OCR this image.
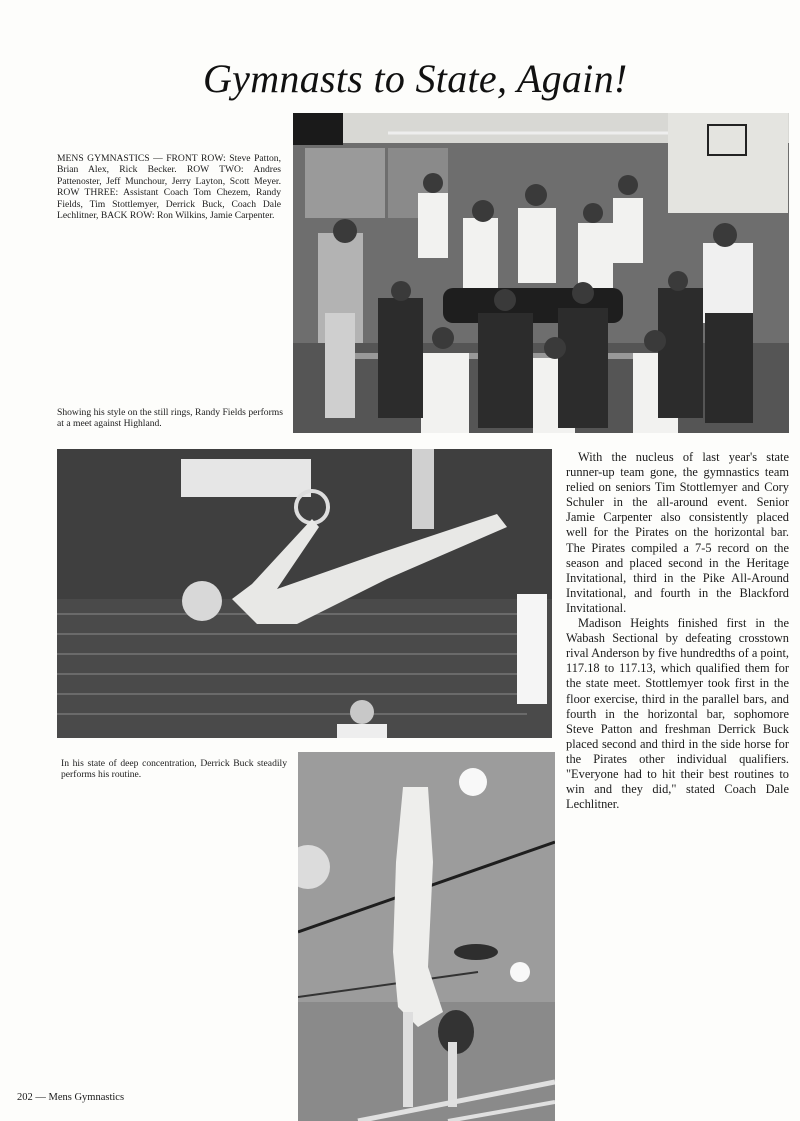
Gymnasts to State, Again!
MENS GYMNASTICS — FRONT ROW: Steve Patton, Brian Alex, Rick Becker. ROW TWO: Andres Pattenoster, Jeff Munchour, Jerry Layton, Scott Meyer. ROW THREE: Assistant Coach Tom Chezem, Randy Fields, Tim Stottlemyer, Derrick Buck, Coach Dale Lechlitner, BACK ROW: Ron Wilkins, Jamie Carpenter.
Showing his style on the still rings, Randy Fields performs at a meet against Highland.
In his state of deep concentration, Derrick Buck steadily performs his routine.

With the nucleus of last year's state runner-up team gone, the gymnastics team relied on seniors Tim Stottlemyer and Cory Schuler in the all-around event. Senior Jamie Carpenter also consistently placed well for the Pirates on the horizontal bar. The Pirates compiled a 7-5 record on the season and placed second in the Heritage Invitational, third in the Pike All-Around Invitational, and fourth in the Blackford Invitational.

Madison Heights finished first in the Wabash Sectional by defeating crosstown rival Anderson by five hundredths of a point, 117.18 to 117.13, which qualified them for the state meet. Stottlemyer took first in the floor exercise, third in the parallel bars, and fourth in the horizontal bar, sophomore Steve Patton and freshman Derrick Buck placed second and third in the side horse for the Pirates other individual qualifiers. "Everyone had to hit their best routines to win and they did," stated Coach Dale Lechlitner.

202 — Mens Gymnastics
